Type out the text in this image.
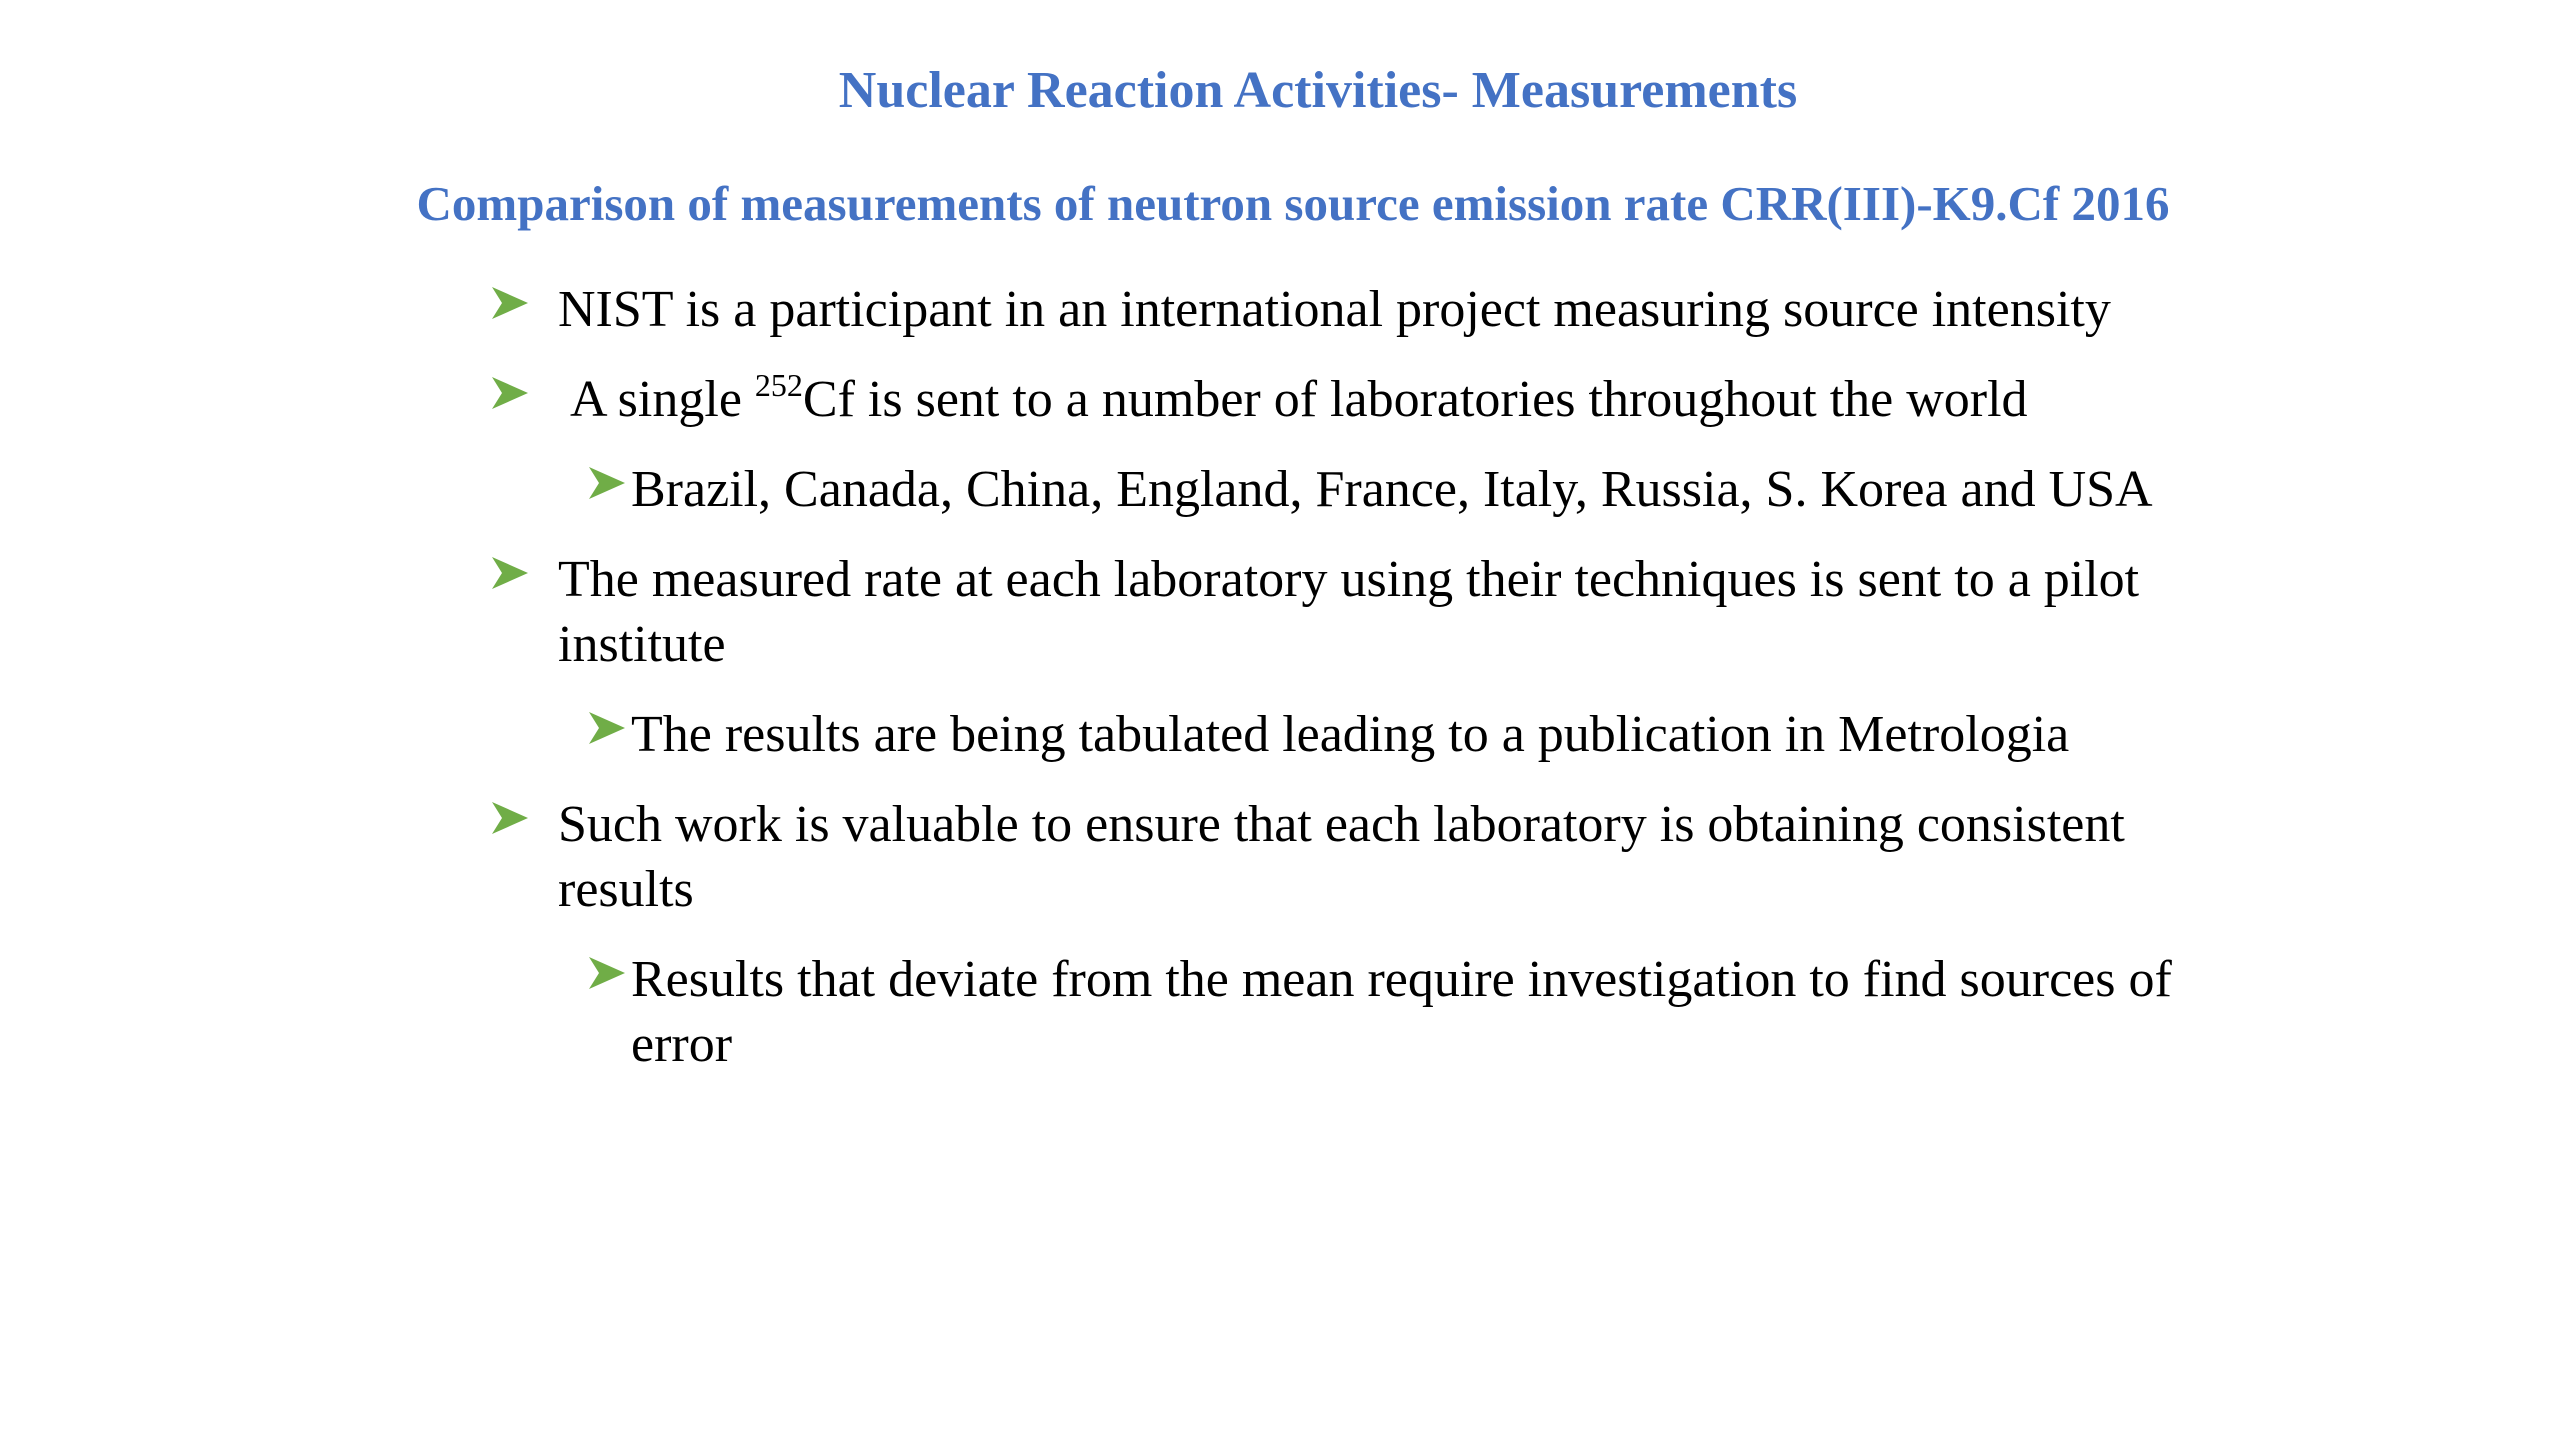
Nuclear Reaction Activities- Measurements
Comparison of measurements of neutron source emission rate CRR(III)-K9.Cf 2016
NIST is a participant in an international project measuring source intensity
A single $^{252}$Cf is sent to a number of laboratories throughout the world
Brazil, Canada, China, England, France, Italy, Russia, S. Korea and USA
The measured rate at each laboratory using their techniques is sent to a pilot
institute
The results are being tabulated leading to a publication in Metrologia
Such work is valuable to ensure that each laboratory is obtaining consistent
results
Results that deviate from the mean require investigation to find sources of
error
